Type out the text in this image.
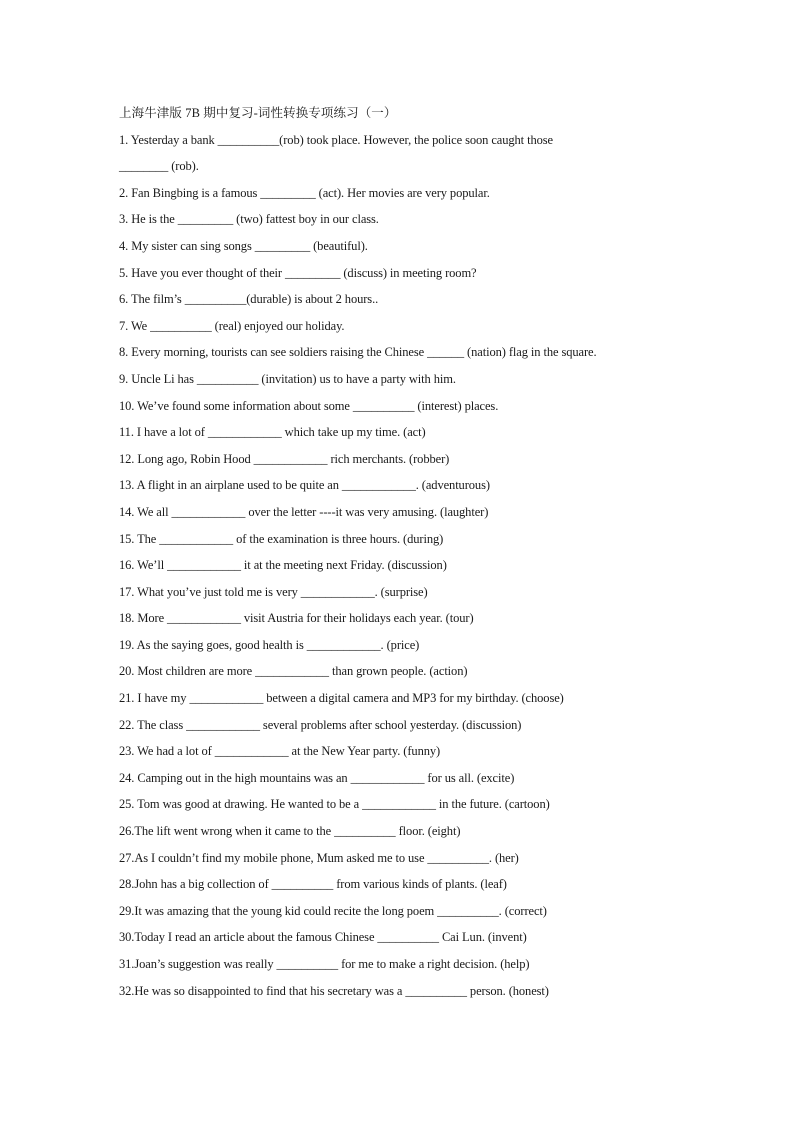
上海牛津版 7B 期中复习-词性转换专项练习（一）
1. Yesterday a bank __________(rob) took place. However, the police soon caught those
________ (rob).
2. Fan Bingbing is a famous _________ (act). Her movies are very popular.
3. He is the _________ (two) fattest boy in our class.
4. My sister can sing songs _________ (beautiful).
5. Have you ever thought of their _________ (discuss) in meeting room?
6. The film’s __________(durable) is about 2 hours..
7. We __________ (real) enjoyed our holiday.
8. Every morning, tourists can see soldiers raising the Chinese ______ (nation) flag in the square.
9. Uncle Li has __________ (invitation) us to have a party with him.
10. We’ve found some information about some __________ (interest) places.
11. I have a lot of ____________ which take up my time. (act)
12. Long ago, Robin Hood ____________ rich merchants. (robber)
13. A flight in an airplane used to be quite an ____________. (adventurous)
14. We all ____________ over the letter ----it was very amusing. (laughter)
15. The ____________ of the examination is three hours. (during)
16. We’ll ____________ it at the meeting next Friday. (discussion)
17. What you’ve just told me is very ____________. (surprise)
18. More ____________ visit Austria for their holidays each year. (tour)
19. As the saying goes, good health is ____________. (price)
20. Most children are more ____________ than grown people. (action)
21. I have my ____________ between a digital camera and MP3 for my birthday. (choose)
22. The class ____________ several problems after school yesterday. (discussion)
23. We had a lot of ____________ at the New Year party. (funny)
24. Camping out in the high mountains was an ____________ for us all. (excite)
25. Tom was good at drawing. He wanted to be a ____________ in the future. (cartoon)
26.The lift went wrong when it came to the __________ floor. (eight)
27.As I couldn’t find my mobile phone, Mum asked me to use __________. (her)
28.John has a big collection of __________ from various kinds of plants. (leaf)
29.It was amazing that the young kid could recite the long poem __________. (correct)
30.Today I read an article about the famous Chinese __________ Cai Lun. (invent)
31.Joan’s suggestion was really __________ for me to make a right decision. (help)
32.He was so disappointed to find that his secretary was a __________ person. (honest)
